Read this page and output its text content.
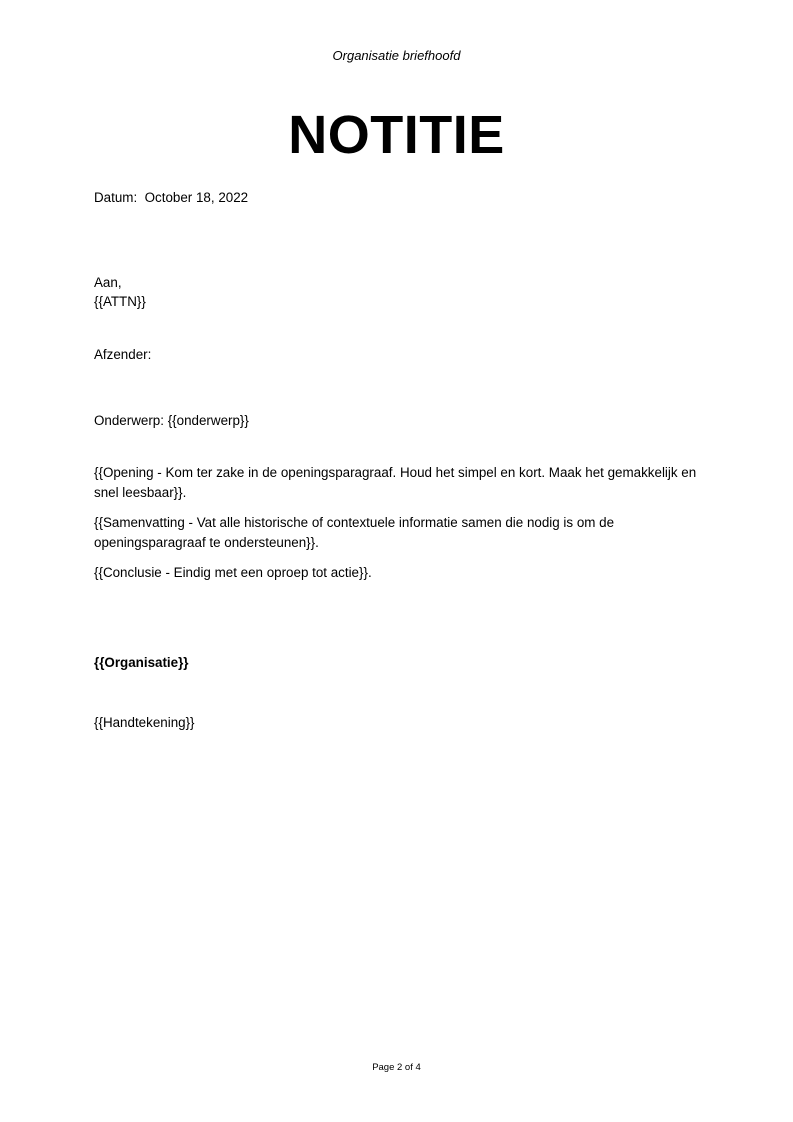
Organisatie briefhoofd
NOTITIE
Datum: October 18, 2022
Aan,
{{ATTN}}
Afzender:
Onderwerp: {{onderwerp}}
{{Opening - Kom ter zake in de openingsparagraaf. Houd het simpel en kort. Maak het gemakkelijk en snel leesbaar}}.
{{Samenvatting - Vat alle historische of contextuele informatie samen die nodig is om de openingsparagraaf te ondersteunen}}.
{{Conclusie - Eindig met een oproep tot actie}}.
{{Organisatie}}
{{Handtekening}}
Page 2 of 4
